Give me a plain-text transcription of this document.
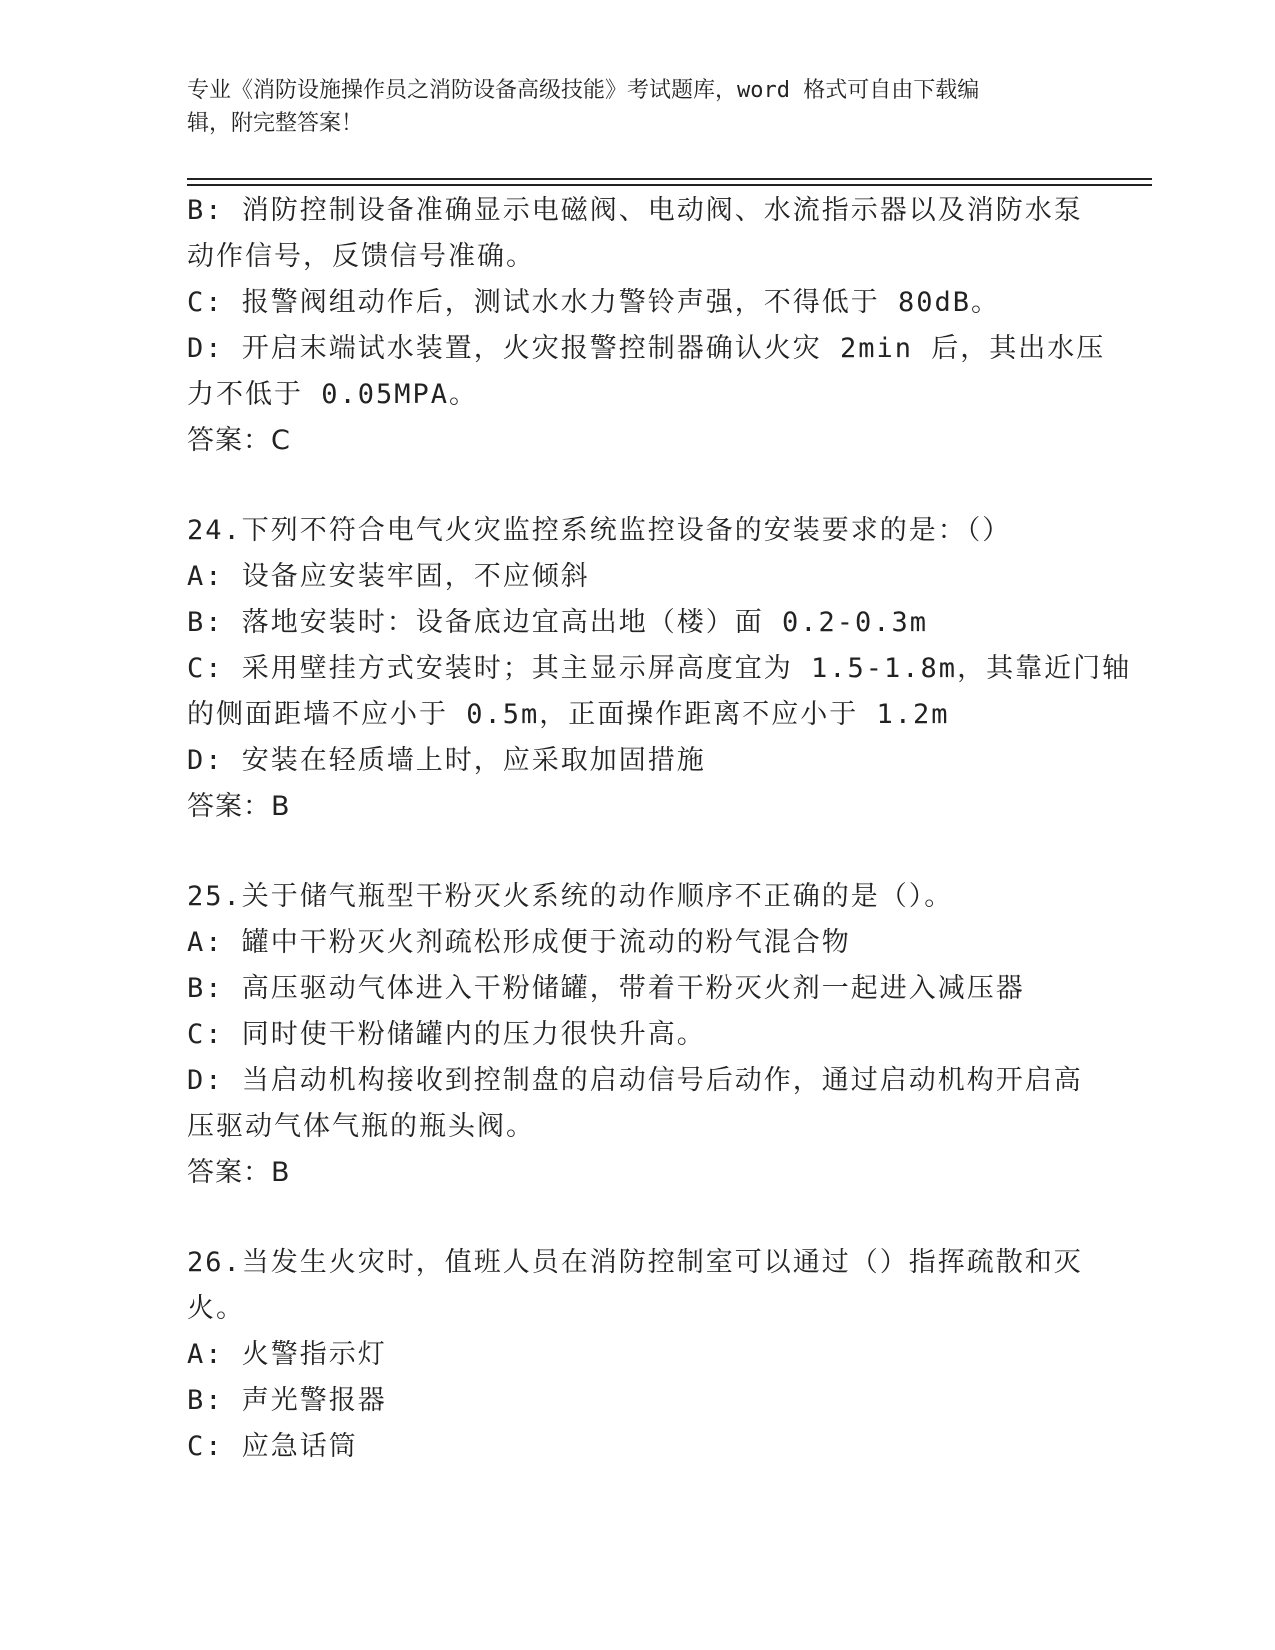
专业《消防设施操作员之消防设备高级技能》考试题库，word 格式可自由下载编
辑，附完整答案！
B: 消防控制设备准确显示电磁阀、电动阀、水流指示器以及消防水泵
动作信号，反馈信号准确。
C: 报警阀组动作后，测试水水力警铃声强，不得低于 80dB。
D: 开启末端试水装置，火灾报警控制器确认火灾 2min 后，其出水压
力不低于 0.05MPA。
答案：C
24.下列不符合电气火灾监控系统监控设备的安装要求的是：（）
A: 设备应安装牢固，不应倾斜
B: 落地安装时：设备底边宜高出地（楼）面 0.2-0.3m
C: 采用壁挂方式安装时；其主显示屏高度宜为 1.5-1.8m，其靠近门轴
的侧面距墙不应小于 0.5m，正面操作距离不应小于 1.2m
D: 安装在轻质墙上时，应采取加固措施
答案：B
25.关于储气瓶型干粉灭火系统的动作顺序不正确的是（）。
A: 罐中干粉灭火剂疏松形成便于流动的粉气混合物
B: 高压驱动气体进入干粉储罐，带着干粉灭火剂一起进入减压器
C: 同时使干粉储罐内的压力很快升高。
D: 当启动机构接收到控制盘的启动信号后动作，通过启动机构开启高
压驱动气体气瓶的瓶头阀。
答案：B
26.当发生火灾时，值班人员在消防控制室可以通过（）指挥疏散和灭
火。
A: 火警指示灯
B: 声光警报器
C: 应急话筒
